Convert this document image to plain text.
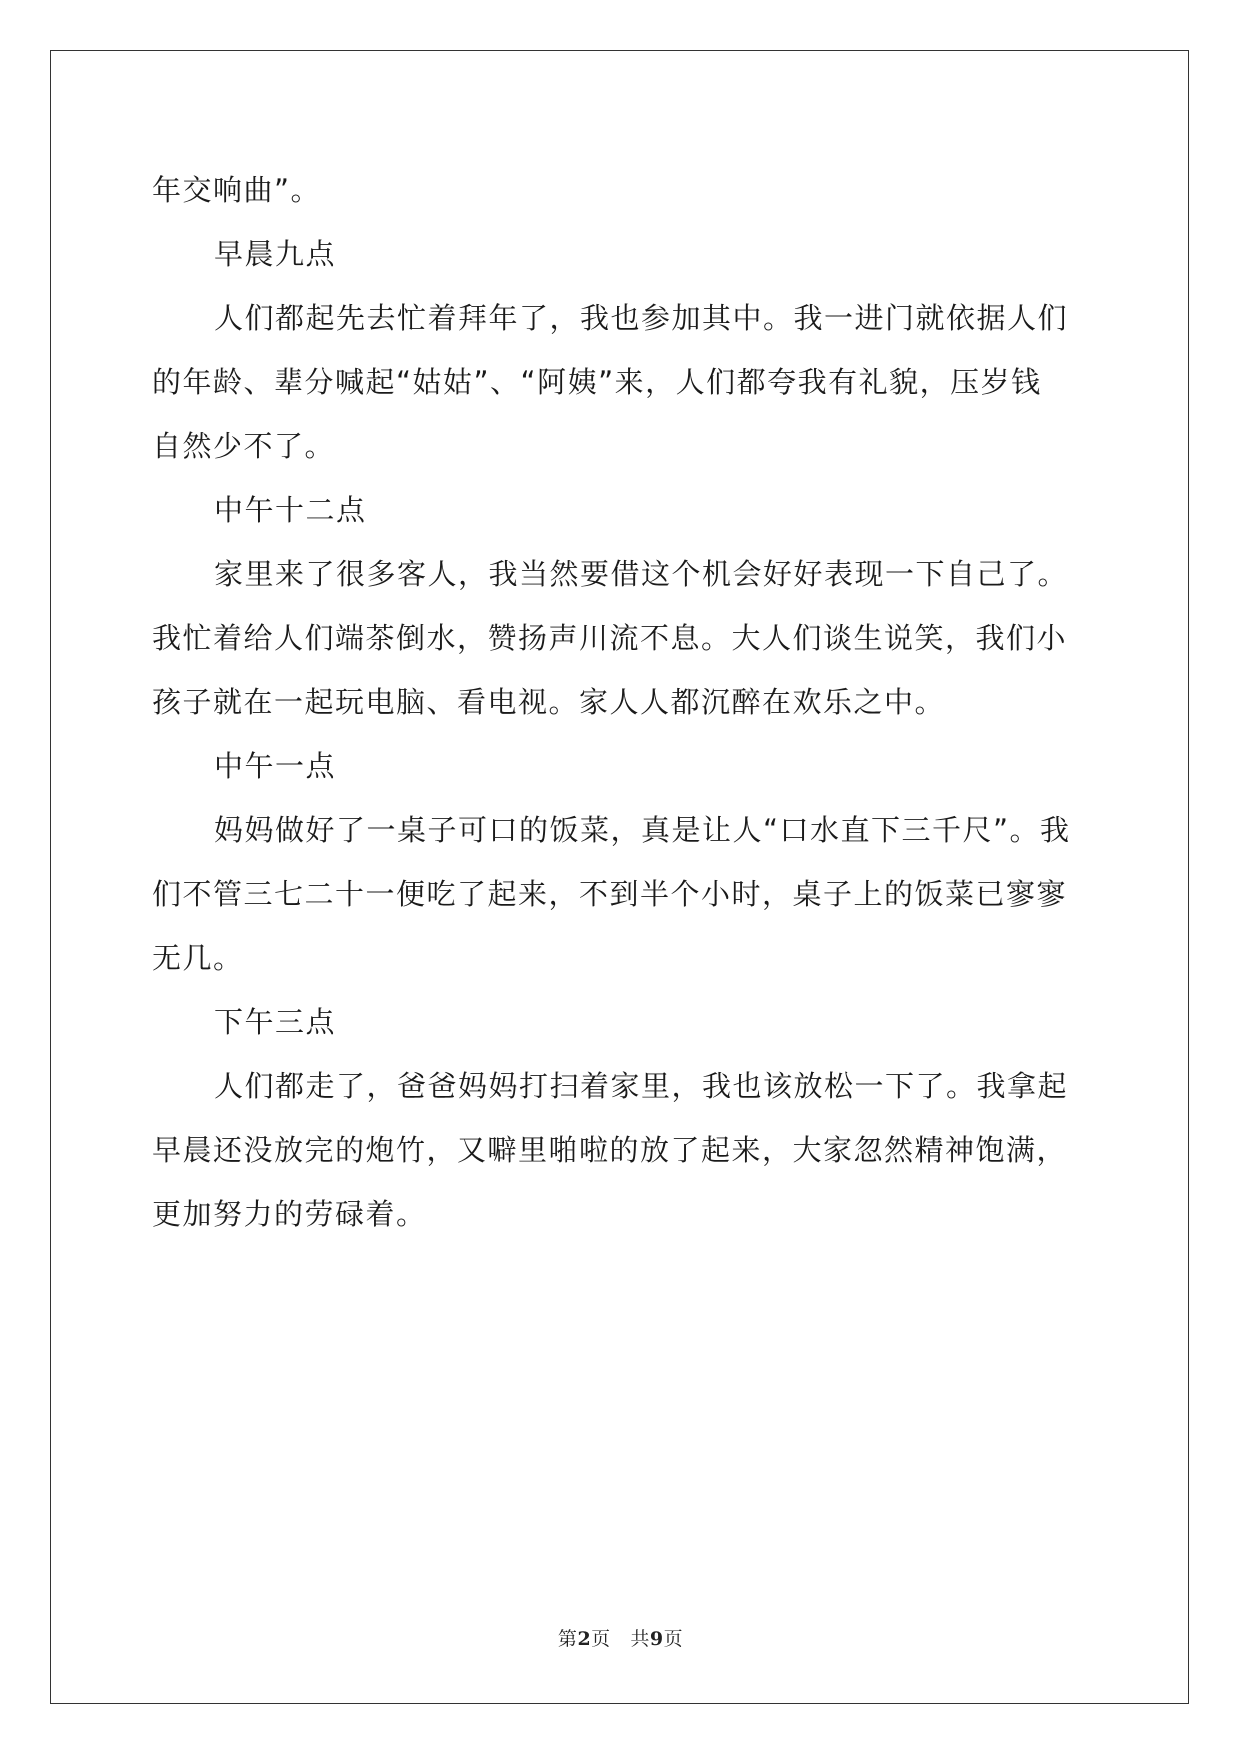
年交响曲”。
早晨九点
人们都起先去忙着拜年了，我也参加其中。我一进门就依据人们
的年龄、辈分喊起“姑姑”、“阿姨”来，人们都夸我有礼貌，压岁钱
自然少不了。
中午十二点
家里来了很多客人，我当然要借这个机会好好表现一下自己了。
我忙着给人们端茶倒水，赞扬声川流不息。大人们谈生说笑，我们小
孩子就在一起玩电脑、看电视。家人人都沉醉在欢乐之中。
中午一点
妈妈做好了一桌子可口的饭菜，真是让人“口水直下三千尺”。我
们不管三七二十一便吃了起来，不到半个小时，桌子上的饭菜已寥寥
无几。
下午三点
人们都走了，爸爸妈妈打扫着家里，我也该放松一下了。我拿起
早晨还没放完的炮竹，又噼里啪啦的放了起来，大家忽然精神饱满，
更加努力的劳碌着。
第2页 共9页
